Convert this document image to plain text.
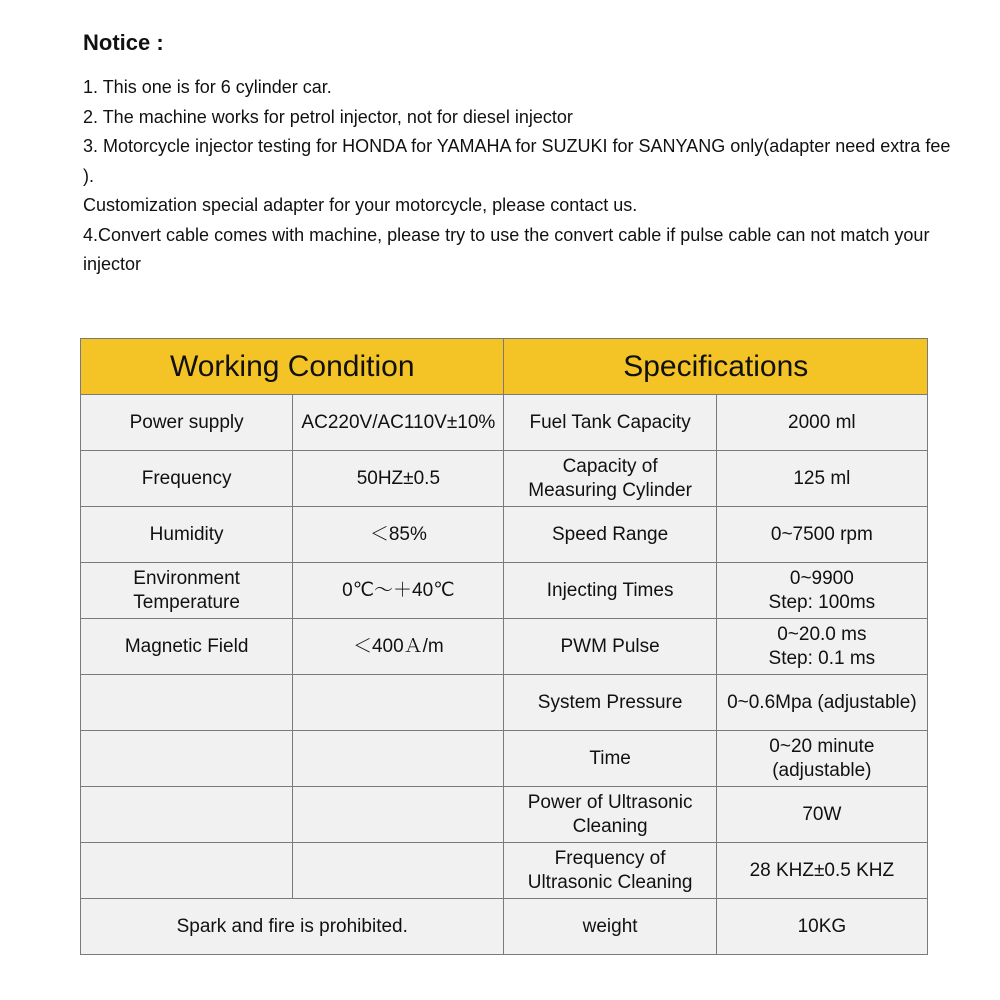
Notice :

1. This one is for 6 cylinder car.

2. The machine works for petrol injector, not for diesel injector

3. Motorcycle injector testing for HONDA for YAMAHA for SUZUKI for SANYANG only(adapter need extra fee ).

Customization special adapter for your motorcycle, please contact us.

4.Convert cable comes with machine, please try to use the convert cable if pulse cable can not match your injector

Working Condition		Specifications	
Power supply	AC220V/AC110V±10%	Fuel Tank Capacity	2000 ml
Frequency	50HZ±0.5	Capacity of
Measuring Cylinder	125 ml
Humidity	＜85%	Speed Range	0~7500 rpm
Environment
Temperature	0℃～＋40℃	Injecting Times	0~9900
Step: 100ms
Magnetic Field	＜400Ａ/m	PWM Pulse	0~20.0 ms
Step: 0.1 ms
		System Pressure	0~0.6Mpa (adjustable)
		Time	0~20 minute
(adjustable)
		Power of Ultrasonic
Cleaning	70W
		Frequency of
Ultrasonic Cleaning	28 KHZ±0.5 KHZ
Spark and fire is prohibited.		weight	10KG
